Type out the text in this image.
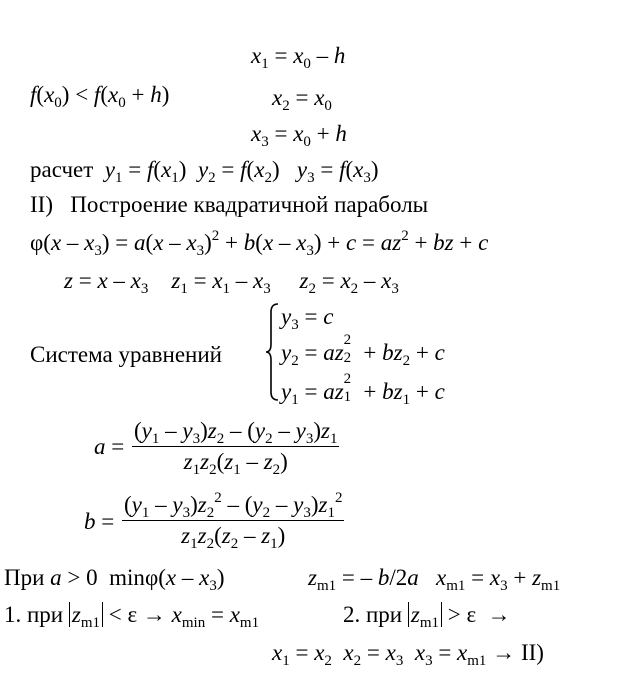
$x_1 = x_0 - h$
$f(x_0) < f(x_0 + h)$	$x_2 = x_0$
$x_3 = x_0 + h$
расчет $y_1 = f(x_1) y_2 = f(x_2) y_3 = f(x_3)$
II)   Построение квадратичной параболы
$\varphi(x - x_3) = a(x - x_3)^2 + b(x - x_3) + c = az^2$ + bz + c
$z = x - x_3$ $z_1 = x_1 - x_3$ $z_2 = x_2 - x_3$
Система уравнений
$y_3 = c$
$y_2$ = az 2
$2 + bz_2 + c$
$y_1$ = az 2
$1 + bz_1 + c$
$a = \frac{(y_1 - y_3)z_2 - (y_2 - y_3)z_1}{z_1z_2(z_1 - z_2)}$
$b = \frac{(y_1 - y_3)z_2^2 - (y_2 - y_3)z_1^2}{z_1z_2(z_2 - z_1)}$
При a > 0  $\min\varphi(x - x_3)$	$z_{m1}$ = – b/2a $x_{m1} = x_3 + z_{m1}$
1. при $z_{m1} < \varepsilon \to x_{min} = x_{m1}$	2. при $z_{m1} > \varepsilon$  →
$x_1 = x_2$ $x_2 = x_3$ $x_3 = x_{m1} \to II$)
